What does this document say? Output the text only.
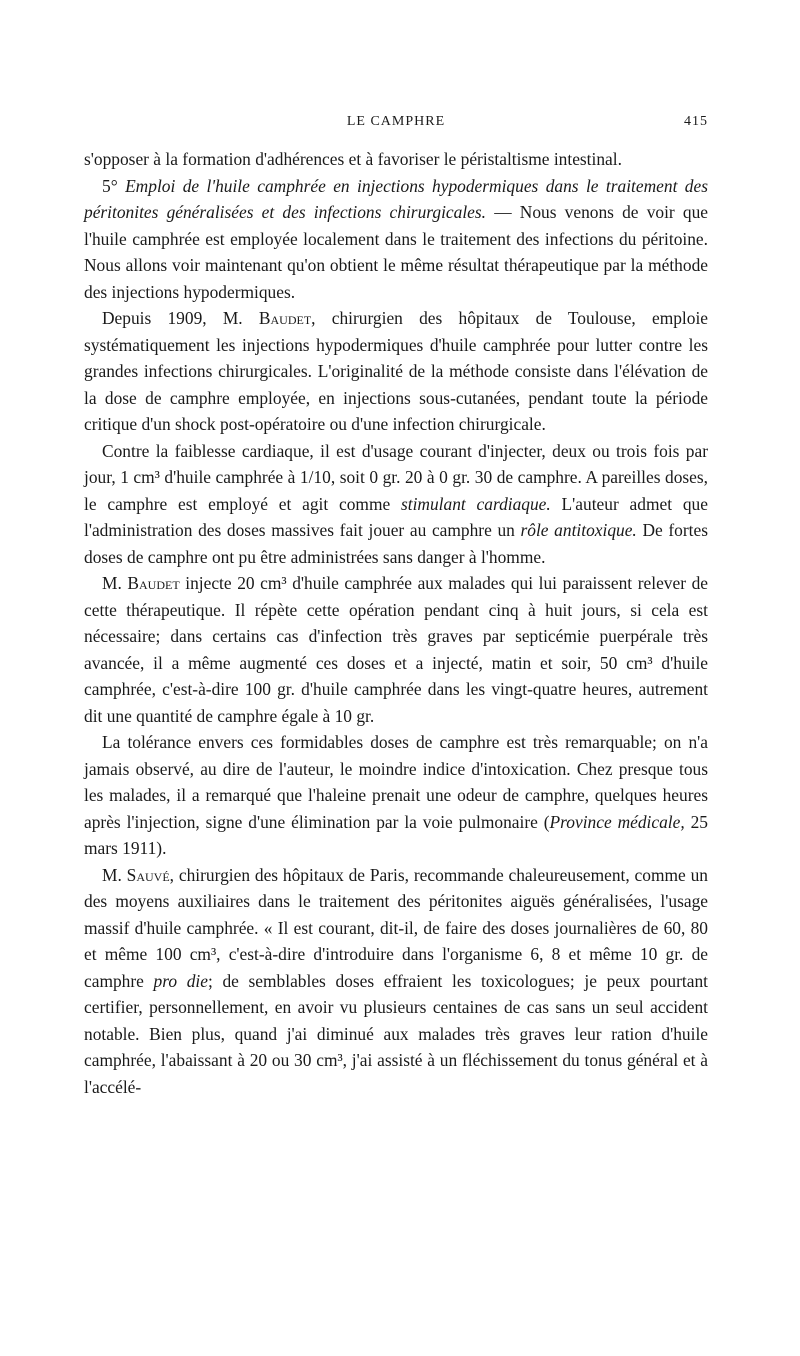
LE CAMPHRE	415

s'opposer à la formation d'adhérences et à favoriser le péristaltisme intestinal.

5° Emploi de l'huile camphrée en injections hypodermiques dans le traitement des péritonites généralisées et des infections chirurgicales. — Nous venons de voir que l'huile camphrée est employée localement dans le traitement des infections du péritoine. Nous allons voir maintenant qu'on obtient le même résultat thérapeutique par la méthode des injections hypodermiques.

Depuis 1909, M. Baudet, chirurgien des hôpitaux de Toulouse, emploie systématiquement les injections hypodermiques d'huile camphrée pour lutter contre les grandes infections chirurgicales. L'originalité de la méthode consiste dans l'élévation de la dose de camphre employée, en injections sous-cutanées, pendant toute la période critique d'un shock post-opératoire ou d'une infection chirurgicale.

Contre la faiblesse cardiaque, il est d'usage courant d'injecter, deux ou trois fois par jour, 1 cm³ d'huile camphrée à 1/10, soit 0 gr. 20 à 0 gr. 30 de camphre. A pareilles doses, le camphre est employé et agit comme stimulant cardiaque. L'auteur admet que l'administration des doses massives fait jouer au camphre un rôle antitoxique. De fortes doses de camphre ont pu être administrées sans danger à l'homme.

M. Baudet injecte 20 cm³ d'huile camphrée aux malades qui lui paraissent relever de cette thérapeutique. Il répète cette opération pendant cinq à huit jours, si cela est nécessaire; dans certains cas d'infection très graves par septicémie puerpérale très avancée, il a même augmenté ces doses et a injecté, matin et soir, 50 cm³ d'huile camphrée, c'est-à-dire 100 gr. d'huile camphrée dans les vingt-quatre heures, autrement dit une quantité de camphre égale à 10 gr.

La tolérance envers ces formidables doses de camphre est très remarquable; on n'a jamais observé, au dire de l'auteur, le moindre indice d'intoxication. Chez presque tous les malades, il a remarqué que l'haleine prenait une odeur de camphre, quelques heures après l'injection, signe d'une élimination par la voie pulmonaire (Province médicale, 25 mars 1911).

M. Sauvé, chirurgien des hôpitaux de Paris, recommande chaleureusement, comme un des moyens auxiliaires dans le traitement des péritonites aiguës généralisées, l'usage massif d'huile camphrée. « Il est courant, dit-il, de faire des doses journalières de 60, 80 et même 100 cm³, c'est-à-dire d'introduire dans l'organisme 6, 8 et même 10 gr. de camphre pro die; de semblables doses effraient les toxicologues; je peux pourtant certifier, personnellement, en avoir vu plusieurs centaines de cas sans un seul accident notable. Bien plus, quand j'ai diminué aux malades très graves leur ration d'huile camphrée, l'abaissant à 20 ou 30 cm³, j'ai assisté à un fléchissement du tonus général et à l'accélé-
